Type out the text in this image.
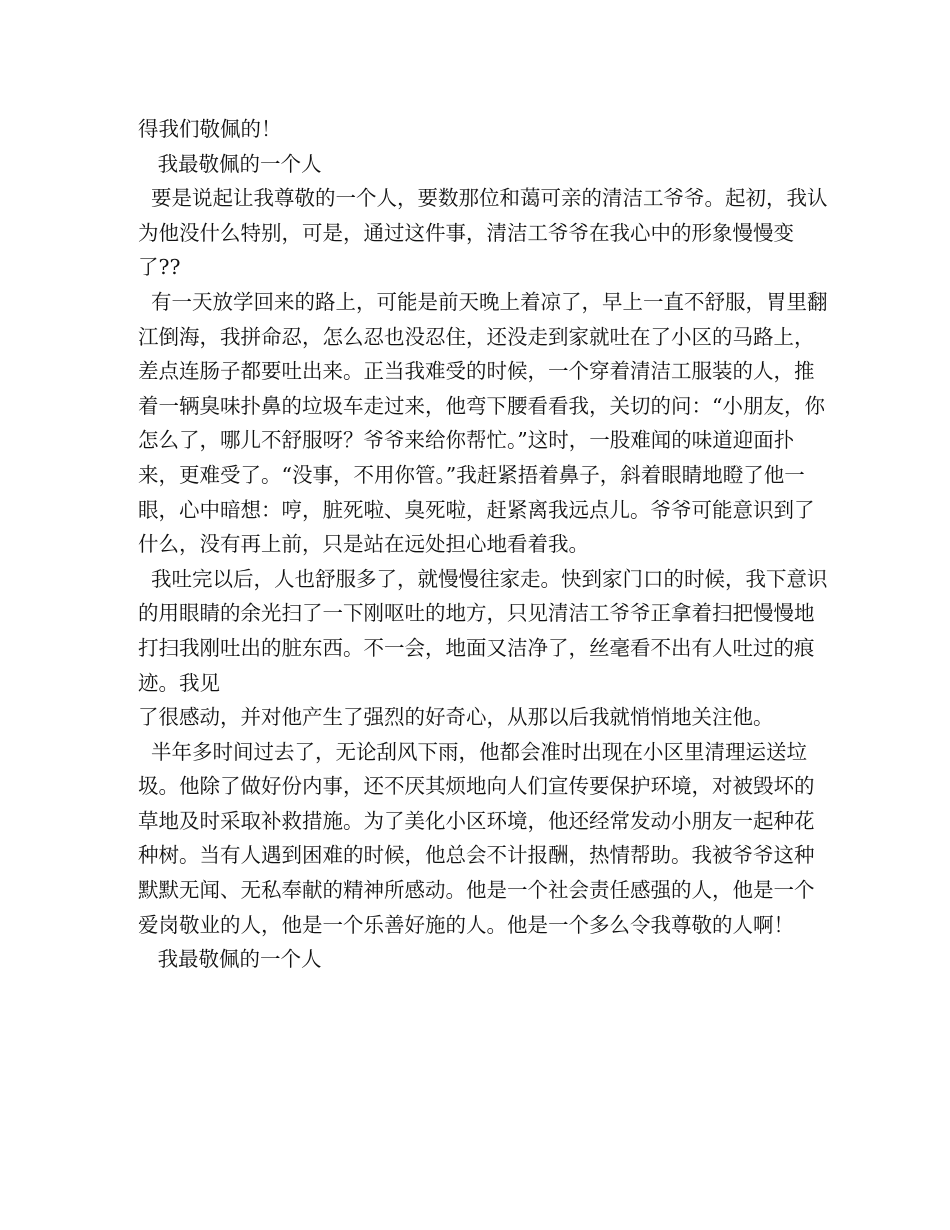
得我们敬佩的！

我最敬佩的一个人

要是说起让我尊敬的一个人，要数那位和蔼可亲的清洁工爷爷。起初，我认为他没什么特别，可是，通过这件事，清洁工爷爷在我心中的形象慢慢变了??

有一天放学回来的路上，可能是前天晚上着凉了，早上一直不舒服，胃里翻江倒海，我拼命忍，怎么忍也没忍住，还没走到家就吐在了小区的马路上，差点连肠子都要吐出来。正当我难受的时候，一个穿着清洁工服装的人，推着一辆臭味扑鼻的垃圾车走过来，他弯下腰看看我，关切的问：“小朋友，你怎么了，哪儿不舒服呀？爷爷来给你帮忙。”这时，一股难闻的味道迎面扑来，更难受了。“没事，不用你管。”我赶紧捂着鼻子，斜着眼睛地瞪了他一眼，心中暗想：哼，脏死啦、臭死啦，赶紧离我远点儿。爷爷可能意识到了什么，没有再上前，只是站在远处担心地看着我。

我吐完以后，人也舒服多了，就慢慢往家走。快到家门口的时候，我下意识的用眼睛的余光扫了一下刚呕吐的地方，只见清洁工爷爷正拿着扫把慢慢地打扫我刚吐出的脏东西。不一会，地面又洁净了，丝毫看不出有人吐过的痕迹。我见

了很感动，并对他产生了强烈的好奇心，从那以后我就悄悄地关注他。

半年多时间过去了，无论刮风下雨，他都会准时出现在小区里清理运送垃圾。他除了做好份内事，还不厌其烦地向人们宣传要保护环境，对被毁坏的草地及时采取补救措施。为了美化小区环境，他还经常发动小朋友一起种花种树。当有人遇到困难的时候，他总会不计报酬，热情帮助。我被爷爷这种默默无闻、无私奉献的精神所感动。他是一个社会责任感强的人，他是一个爱岗敬业的人，他是一个乐善好施的人。他是一个多么令我尊敬的人啊！

我最敬佩的一个人
